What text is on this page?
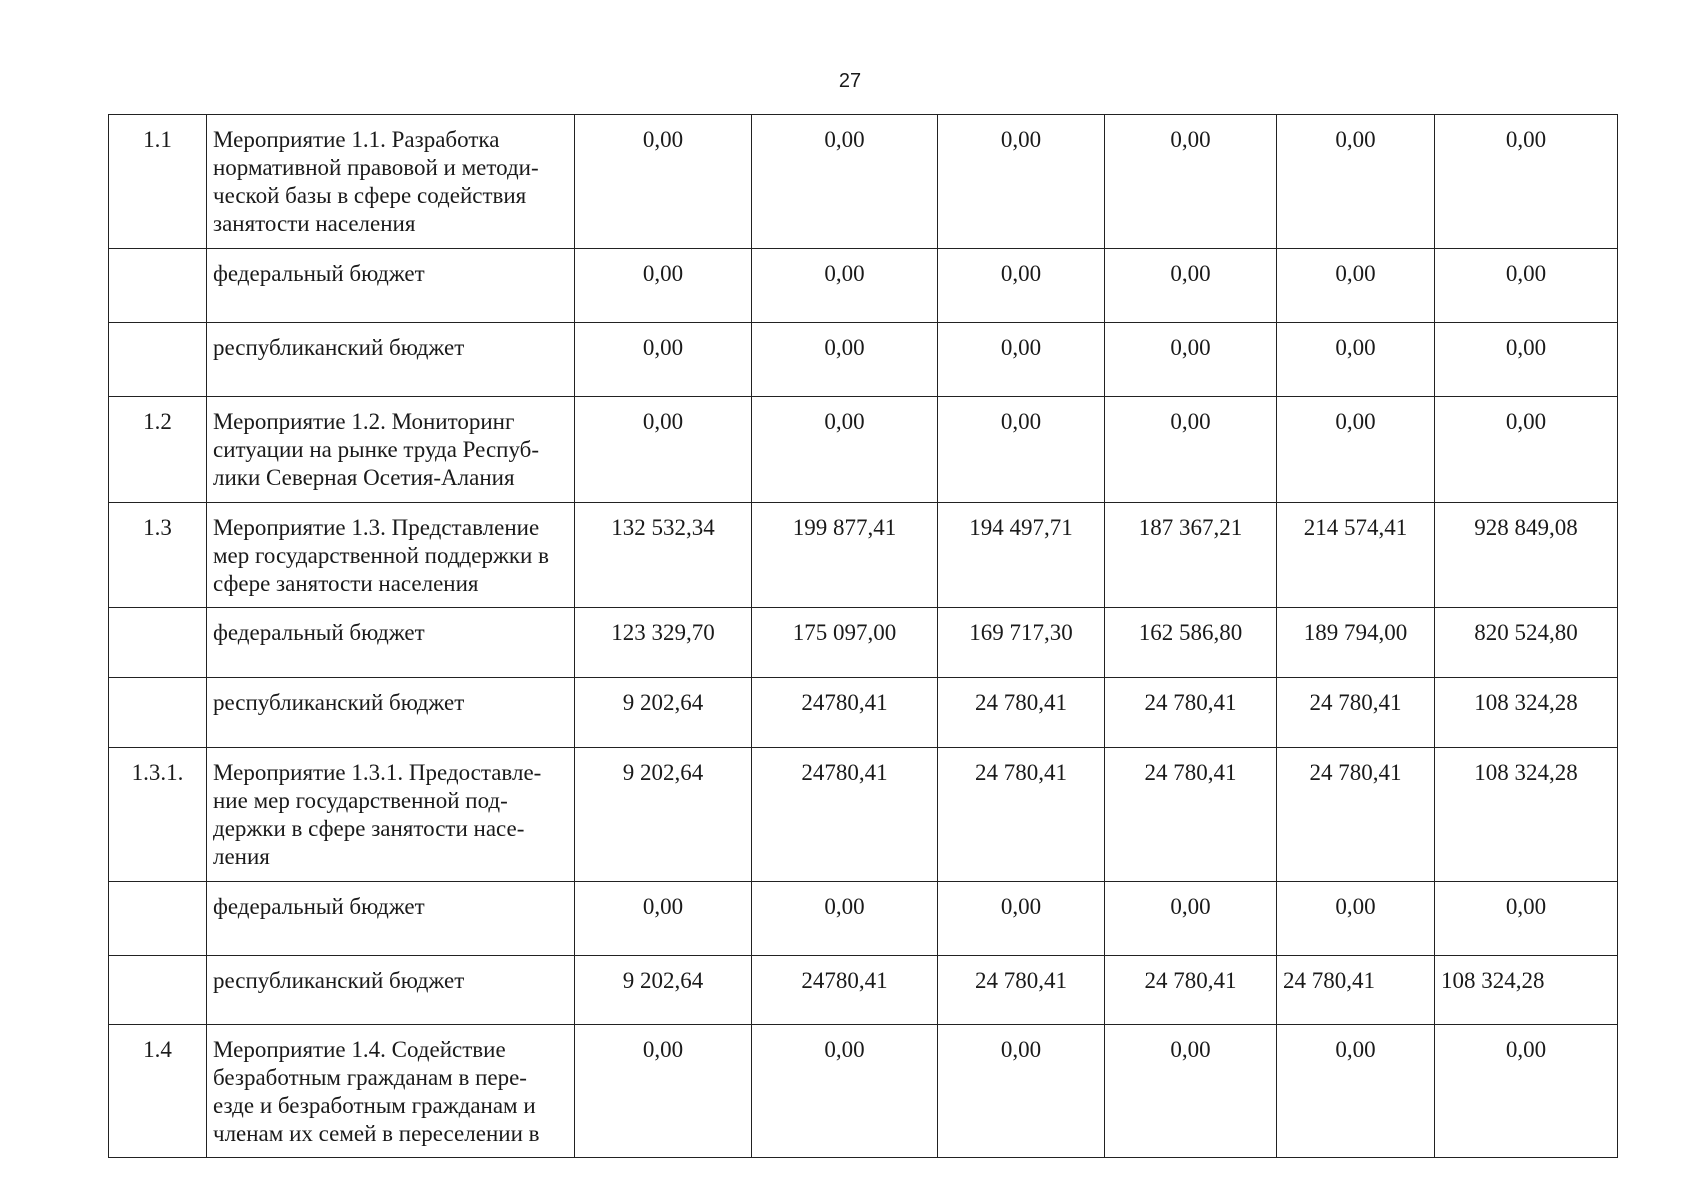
27
1.1	Мероприятие 1.1. Разработка нормативной правовой и методи-ческой базы в сфере содействия занятости населения	0,00	0,00	0,00	0,00	0,00	0,00
	федеральный бюджет	0,00	0,00	0,00	0,00	0,00	0,00
	республиканский бюджет	0,00	0,00	0,00	0,00	0,00	0,00
1.2	Мероприятие 1.2. Мониторинг ситуации на рынке труда Респуб-лики Северная Осетия-Алания	0,00	0,00	0,00	0,00	0,00	0,00
1.3	Мероприятие 1.3. Представление мер государственной поддержки в сфере занятости населения	132 532,34	199 877,41	194 497,71	187 367,21	214 574,41	928 849,08
	федеральный бюджет	123 329,70	175 097,00	169 717,30	162 586,80	189 794,00	820 524,80
	республиканский бюджет	9 202,64	24780,41	24 780,41	24 780,41	24 780,41	108 324,28
1.3.1.	Мероприятие 1.3.1. Предоставле-ние мер государственной под-держки в сфере занятости насе-ления	9 202,64	24780,41	24 780,41	24 780,41	24 780,41	108 324,28
	федеральный бюджет	0,00	0,00	0,00	0,00	0,00	0,00
	республиканский бюджет	9 202,64	24780,41	24 780,41	24 780,41	24 780,41	108 324,28
1.4	Мероприятие 1.4. Содействие безработным гражданам в пере-езде и безработным гражданам и членам их семей в переселении в	0,00	0,00	0,00	0,00	0,00	0,00
